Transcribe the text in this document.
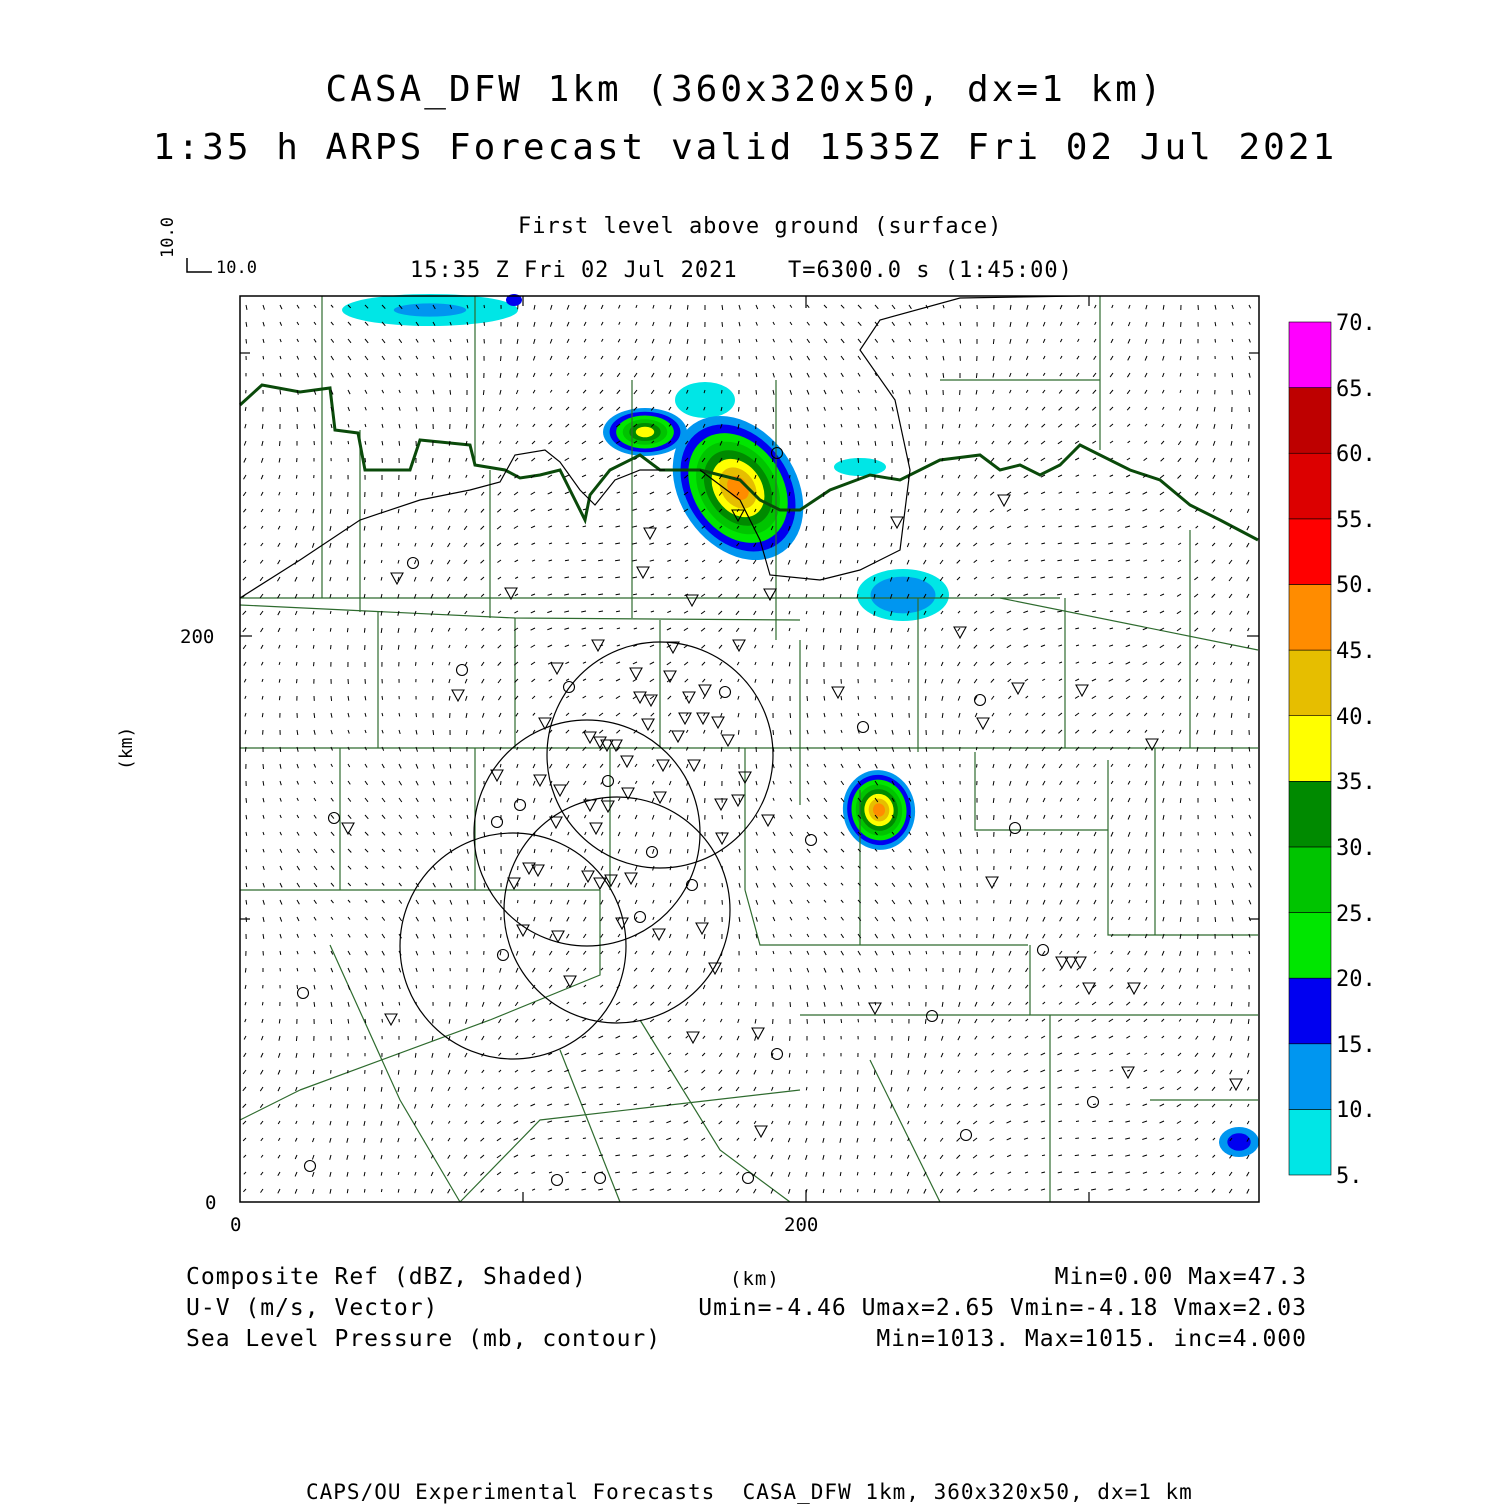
CASA_DFW 1km (360x320x50, dx=1 km)
1:35 h ARPS Forecast valid 1535Z Fri 02 Jul 2021
First level above ground (surface)
15:35 Z Fri 02 Jul 2021 T=6300.0 s (1:45:00)
10.0
10.0
0	200
0
200
(km)
5.
10.
15.
20.
25.
30.
35.
40.
45.
50.
55.
60.
65.
70.
Composite Ref (dBZ, Shaded)
U-V (m/s, Vector)
Sea Level Pressure (mb, contour)
(km)	Min=0.00 Max=47.3
Umin=-4.46 Umax=2.65 Vmin=-4.18 Vmax=2.03
Min=1013. Max=1015. inc=4.000
CAPS/OU Experimental Forecasts  CASA_DFW 1km, 360x320x50, dx=1 km
